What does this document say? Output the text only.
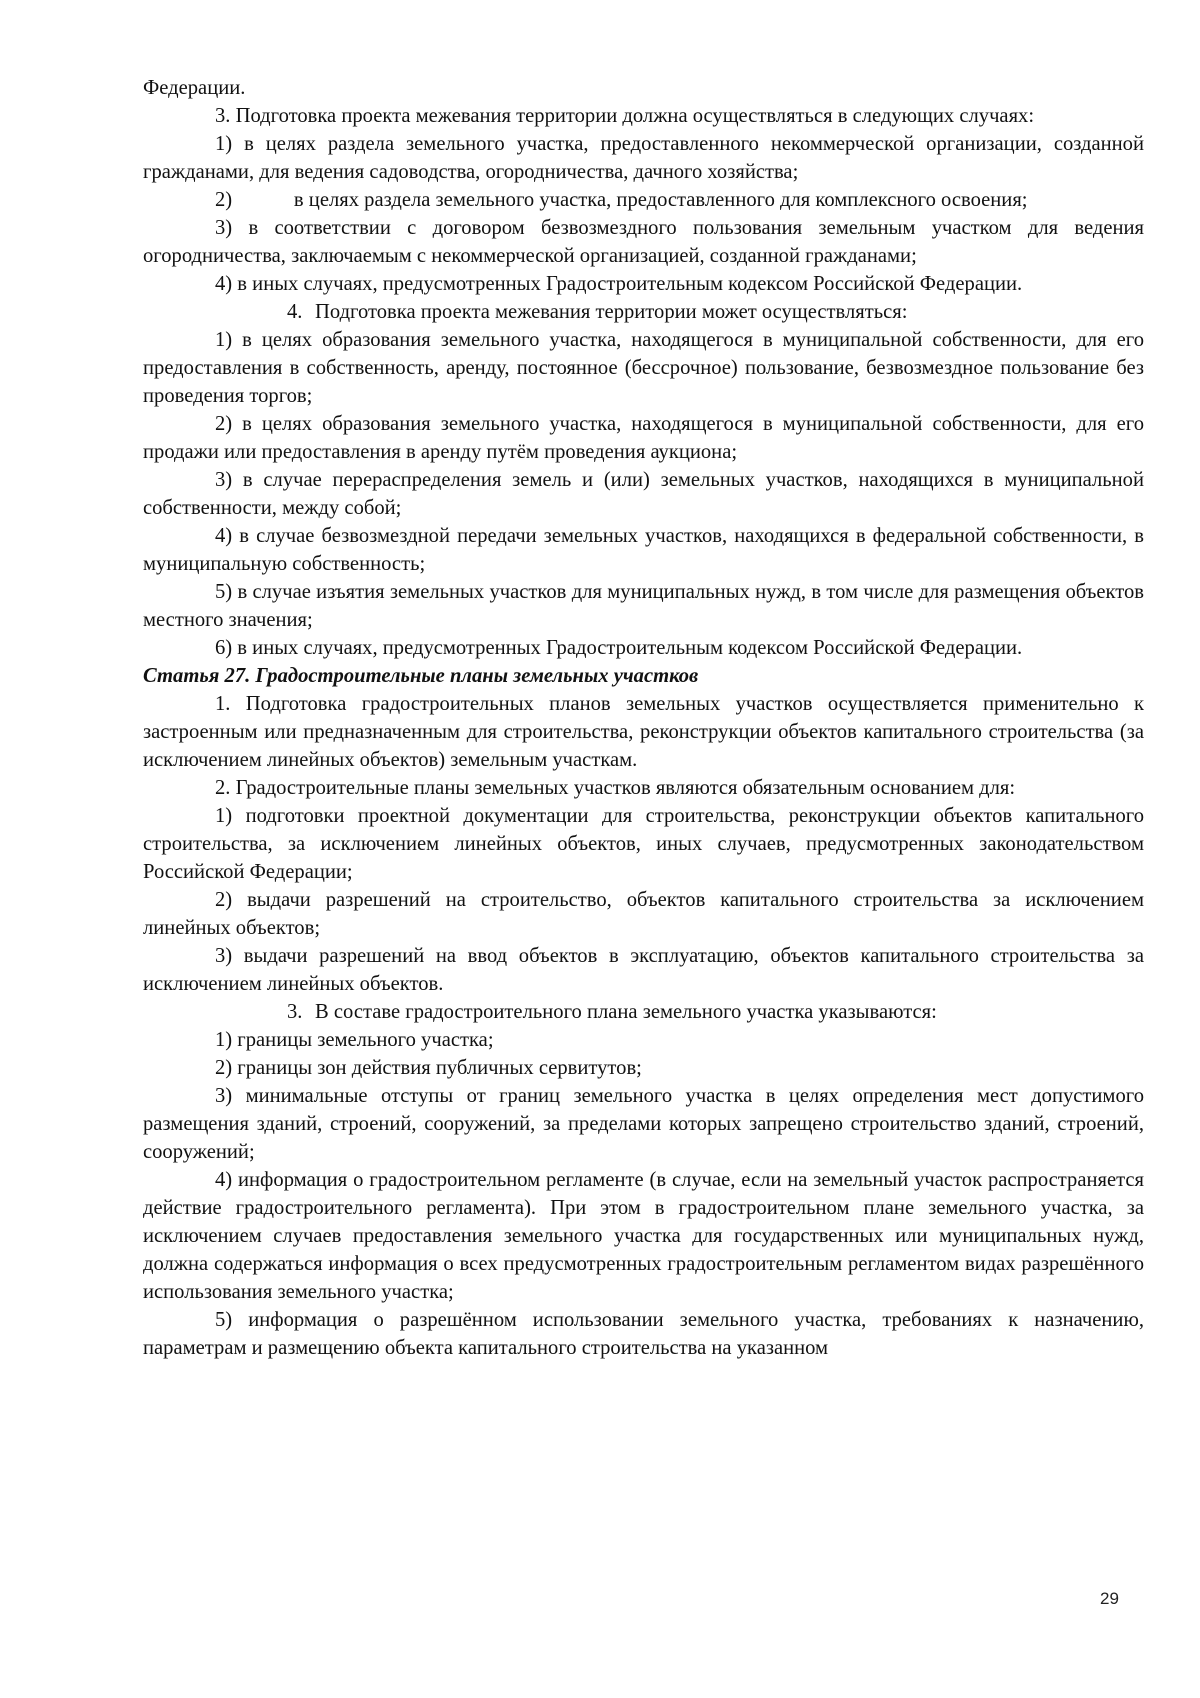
Федерации.

3. Подготовка проекта межевания территории должна осуществляться в следующих случаях:

1) в целях раздела земельного участка, предоставленного некоммерческой организации, созданной гражданами, для ведения садоводства, огородничества, дачного хозяйства;

2)   в целях раздела земельного участка, предоставленного для комплексного освоения;

3) в соответствии с договором безвозмездного пользования земельным участком для ведения огородничества, заключаемым с некоммерческой организацией, созданной гражданами;

4) в иных случаях, предусмотренных Градостроительным кодексом Российской Федерации.

4. Подготовка проекта межевания территории может осуществляться:

1) в целях образования земельного участка, находящегося в муниципальной собственности, для его предоставления в собственность, аренду, постоянное (бессрочное) пользование, безвозмездное пользование без проведения торгов;

2) в целях образования земельного участка, находящегося в муниципальной собственности, для его продажи или предоставления в аренду путём проведения аукциона;

3) в случае перераспределения земель и (или) земельных участков, находящихся в муниципальной собственности, между собой;

4) в случае безвозмездной передачи земельных участков, находящихся в федеральной собственности, в муниципальную собственность;

5) в случае изъятия земельных участков для муниципальных нужд, в том числе для размещения объектов местного значения;

6) в иных случаях, предусмотренных Градостроительным кодексом Российской Федерации.

Статья 27. Градостроительные планы земельных участков

1. Подготовка градостроительных планов земельных участков осуществляется применительно к застроенным или предназначенным для строительства, реконструкции объектов капитального строительства (за исключением линейных объектов) земельным участкам.

2. Градостроительные планы земельных участков являются обязательным основанием для:

1) подготовки проектной документации для строительства, реконструкции объектов капитального строительства, за исключением линейных объектов, иных случаев, предусмотренных законодательством Российской Федерации;

2) выдачи разрешений на строительство, объектов капитального строительства за исключением линейных объектов;

3) выдачи разрешений на ввод объектов в эксплуатацию, объектов капитального строительства за исключением линейных объектов.

3. В составе градостроительного плана земельного участка указываются:

1) границы земельного участка;

2) границы зон действия публичных сервитутов;

3) минимальные отступы от границ земельного участка в целях определения мест допустимого размещения зданий, строений, сооружений, за пределами которых запрещено строительство зданий, строений, сооружений;

4) информация о градостроительном регламенте (в случае, если на земельный участок распространяется действие градостроительного регламента). При этом в градостроительном плане земельного участка, за исключением случаев предоставления земельного участка для государственных или муниципальных нужд, должна содержаться информация о всех предусмотренных градостроительным регламентом видах разрешённого использования земельного участка;

5) информация о разрешённом использовании земельного участка, требованиях к назначению, параметрам и размещению объекта капитального строительства на указанном

29
